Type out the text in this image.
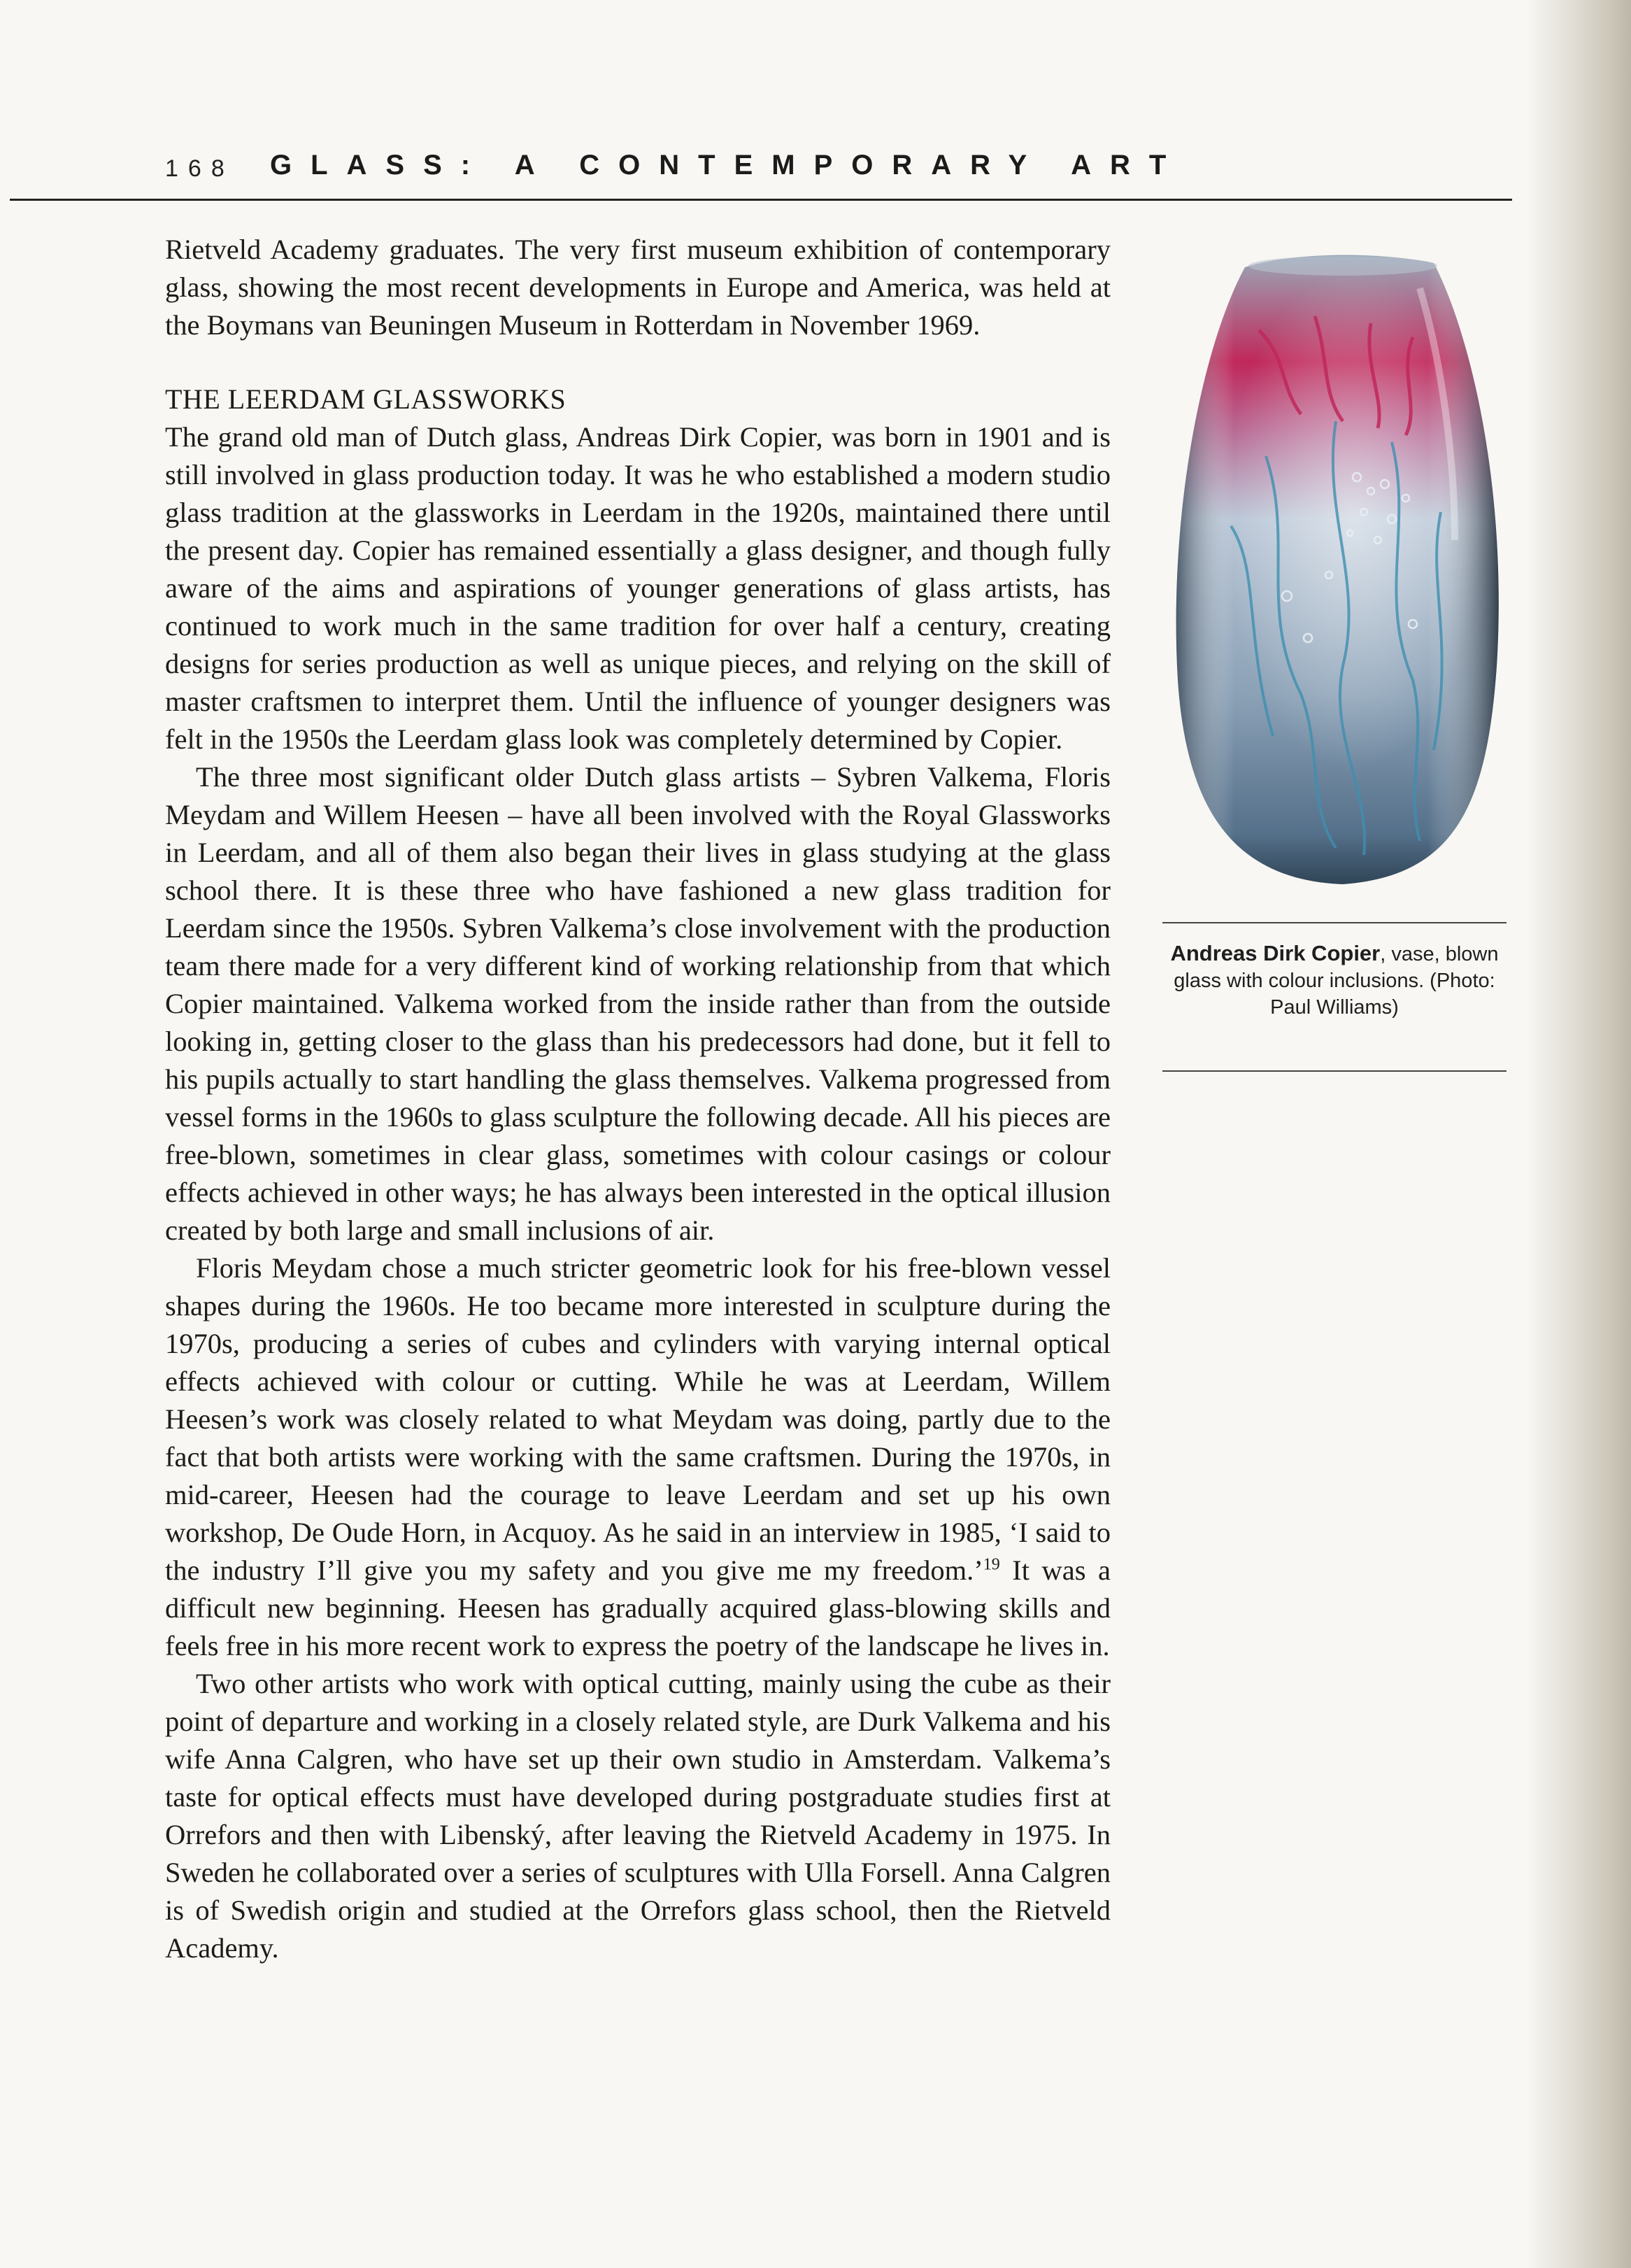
168 GLASS: A CONTEMPORARY ART

Rietveld Academy graduates. The very first museum exhibition of contemporary glass, showing the most recent developments in Europe and America, was held at the Boymans van Beuningen Museum in Rotterdam in November 1969.

THE LEERDAM GLASSWORKS

The grand old man of Dutch glass, Andreas Dirk Copier, was born in 1901 and is still involved in glass production today. It was he who established a modern studio glass tradition at the glassworks in Leerdam in the 1920s, maintained there until the present day. Copier has remained essentially a glass designer, and though fully aware of the aims and aspirations of younger generations of glass artists, has continued to work much in the same tradition for over half a century, creating designs for series production as well as unique pieces, and relying on the skill of master craftsmen to interpret them. Until the influence of younger designers was felt in the 1950s the Leerdam glass look was completely determined by Copier.

The three most significant older Dutch glass artists – Sybren Valkema, Floris Meydam and Willem Heesen – have all been involved with the Royal Glassworks in Leerdam, and all of them also began their lives in glass studying at the glass school there. It is these three who have fashioned a new glass tradition for Leerdam since the 1950s. Sybren Valkema’s close involvement with the production team there made for a very different kind of working relationship from that which Copier maintained. Valkema worked from the inside rather than from the outside looking in, getting closer to the glass than his predecessors had done, but it fell to his pupils actually to start handling the glass themselves. Valkema progressed from vessel forms in the 1960s to glass sculpture the following decade. All his pieces are free-blown, sometimes in clear glass, sometimes with colour casings or colour effects achieved in other ways; he has always been interested in the optical illusion created by both large and small inclusions of air.

Floris Meydam chose a much stricter geometric look for his free-blown vessel shapes during the 1960s. He too became more interested in sculpture during the 1970s, producing a series of cubes and cylinders with varying internal optical effects achieved with colour or cutting. While he was at Leerdam, Willem Heesen’s work was closely related to what Meydam was doing, partly due to the fact that both artists were working with the same craftsmen. During the 1970s, in mid-career, Heesen had the courage to leave Leerdam and set up his own workshop, De Oude Horn, in Acquoy. As he said in an interview in 1985, ‘I said to the industry I’ll give you my safety and you give me my freedom.’$^{19}$ It was a difficult new beginning. Heesen has gradually acquired glass-blowing skills and feels free in his more recent work to express the poetry of the landscape he lives in.

Two other artists who work with optical cutting, mainly using the cube as their point of departure and working in a closely related style, are Durk Valkema and his wife Anna Calgren, who have set up their own studio in Amsterdam. Valkema’s taste for optical effects must have developed during postgraduate studies first at Orrefors and then with Libenský, after leaving the Rietveld Academy in 1975. In Sweden he collaborated over a series of sculptures with Ulla Forsell. Anna Calgren is of Swedish origin and studied at the Orrefors glass school, then the Rietveld Academy.

Andreas Dirk Copier, vase, blown glass with colour inclusions. (Photo: Paul Williams)
